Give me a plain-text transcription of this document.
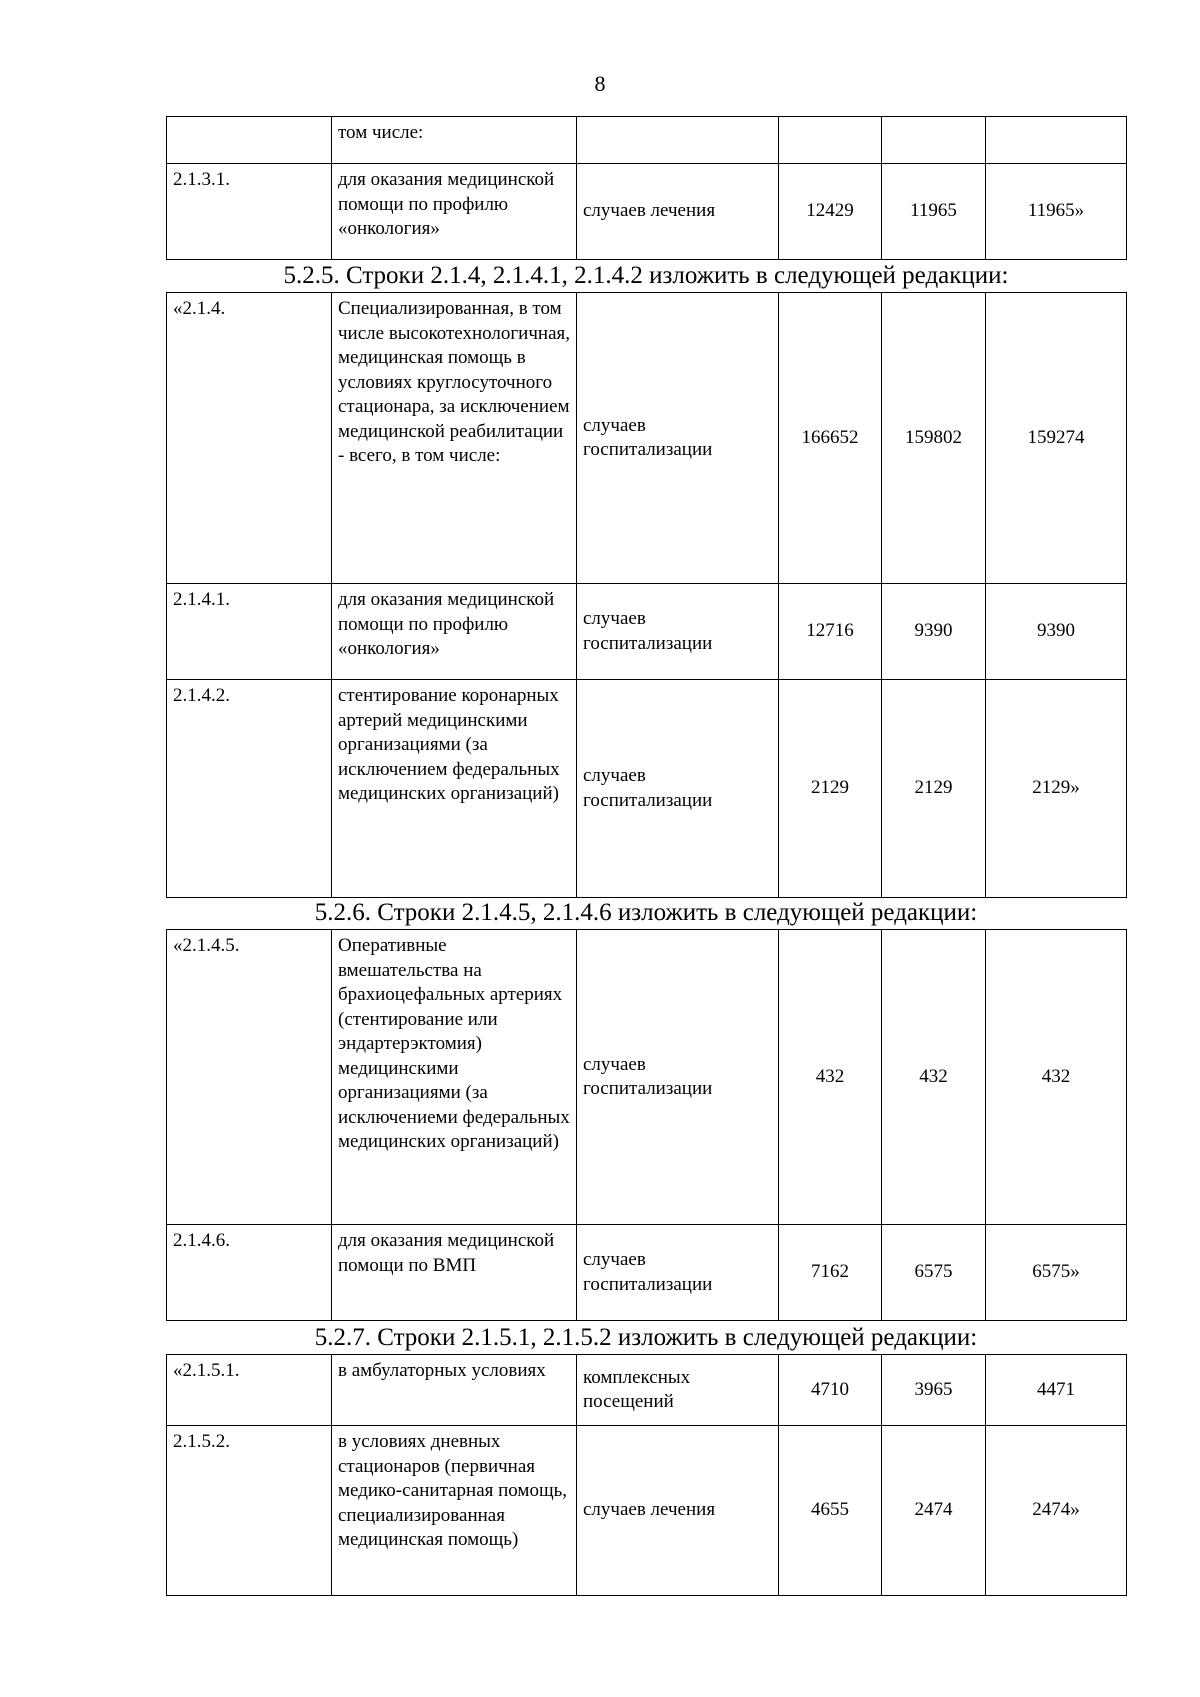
8
	том числе:				
2.1.3.1.	для оказания медицинской помощи по профилю «онкология»	случаев лечения	12429	11965	11965»
5.2.5. Строки 2.1.4, 2.1.4.1, 2.1.4.2 изложить в следующей редакции:
«2.1.4.	Специализированная, в том числе высокотехнологичная, медицинская помощь в условиях круглосуточного стационара, за исключением медицинской реабилитации - всего, в том числе:	случаев госпитализации	166652	159802	159274
2.1.4.1.	для оказания медицинской помощи по профилю «онкология»	случаев госпитализации	12716	9390	9390
2.1.4.2.	стентирование коронарных артерий медицинскими организациями (за исключением федеральных медицинских организаций)	случаев госпитализации	2129	2129	2129»
5.2.6. Строки 2.1.4.5, 2.1.4.6 изложить в следующей редакции:
«2.1.4.5.	Оперативные вмешательства на брахиоцефальных артериях (стентирование или эндартерэктомия) медицинскими организациями (за исключениеми федеральных медицинских организаций)	случаев госпитализации	432	432	432
2.1.4.6.	для оказания медицинской помощи по ВМП	случаев госпитализации	7162	6575	6575»
5.2.7. Строки 2.1.5.1, 2.1.5.2 изложить в следующей редакции:
«2.1.5.1.	в амбулаторных условиях	комплексных посещений	4710	3965	4471
2.1.5.2.	в условиях дневных стационаров (первичная медико-санитарная помощь, специализированная медицинская помощь)	случаев лечения	4655	2474	2474»
